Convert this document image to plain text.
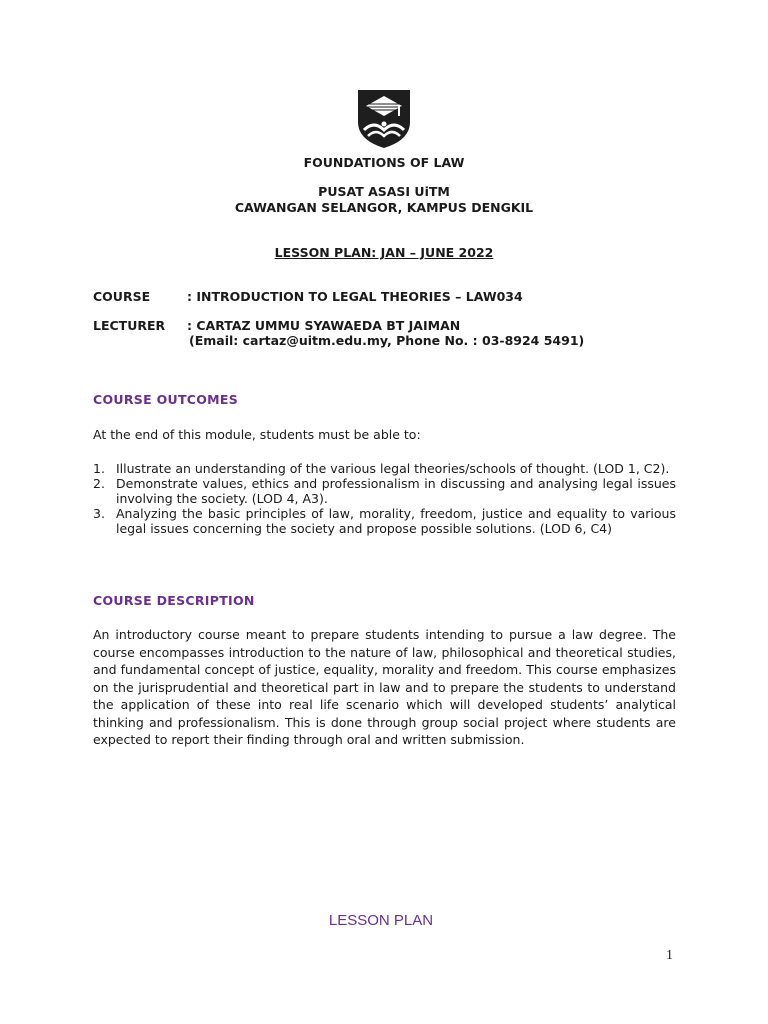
FOUNDATIONS OF LAW
PUSAT ASASI UiTM
CAWANGAN SELANGOR, KAMPUS DENGKIL
LESSON PLAN: JAN – JUNE 2022
COURSE	: INTRODUCTION TO LEGAL THEORIES – LAW034
LECTURER : CARTAZ UMMU SYAWAEDA BT JAIMAN
(Email: cartaz@uitm.edu.my, Phone No. : 03-8924 5491)
COURSE OUTCOMES
At the end of this module, students must be able to:
1. Illustrate an understanding of the various legal theories/schools of thought. (LOD 1, C2).
2. Demonstrate values, ethics and professionalism in discussing and analysing legal issues involving the society. (LOD 4, A3).
3. Analyzing the basic principles of law, morality, freedom, justice and equality to various legal issues concerning the society and propose possible solutions. (LOD 6, C4)
COURSE DESCRIPTION
An introductory course meant to prepare students intending to pursue a law degree. The course encompasses introduction to the nature of law, philosophical and theoretical studies, and fundamental concept of justice, equality, morality and freedom. This course emphasizes on the jurisprudential and theoretical part in law and to prepare the students to understand the application of these into real life scenario which will developed students’ analytical thinking and professionalism. This is done through group social project where students are expected to report their finding through oral and written submission.
LESSON PLAN
1
